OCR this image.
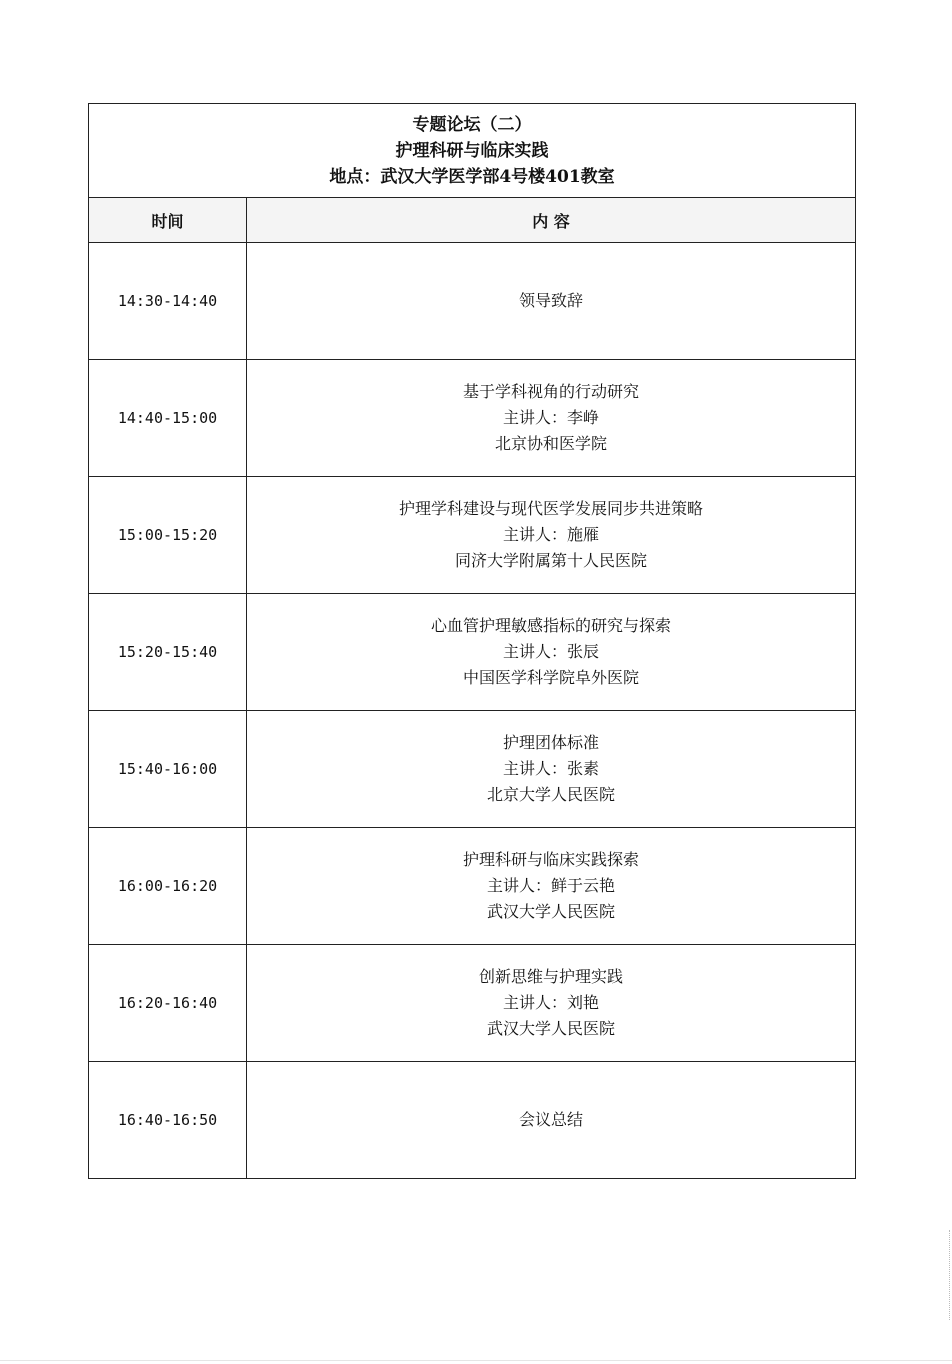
专题论坛（二）
护理科研与临床实践
地点：武汉大学医学部4号楼401教室	

时间	内 容
14:30-14:40	领导致辞

14:40-15:00	基于学科视角的行动研究
主讲人：李峥
北京协和医学院

15:00-15:20	护理学科建设与现代医学发展同步共进策略
主讲人：施雁
同济大学附属第十人民医院

15:20-15:40	心血管护理敏感指标的研究与探索
主讲人：张辰
中国医学科学院阜外医院

15:40-16:00	护理团体标准
主讲人：张素
北京大学人民医院

16:00-16:20	护理科研与临床实践探索
主讲人：鲜于云艳
武汉大学人民医院

16:20-16:40	创新思维与护理实践
主讲人：刘艳
武汉大学人民医院

16:40-16:50	会议总结
